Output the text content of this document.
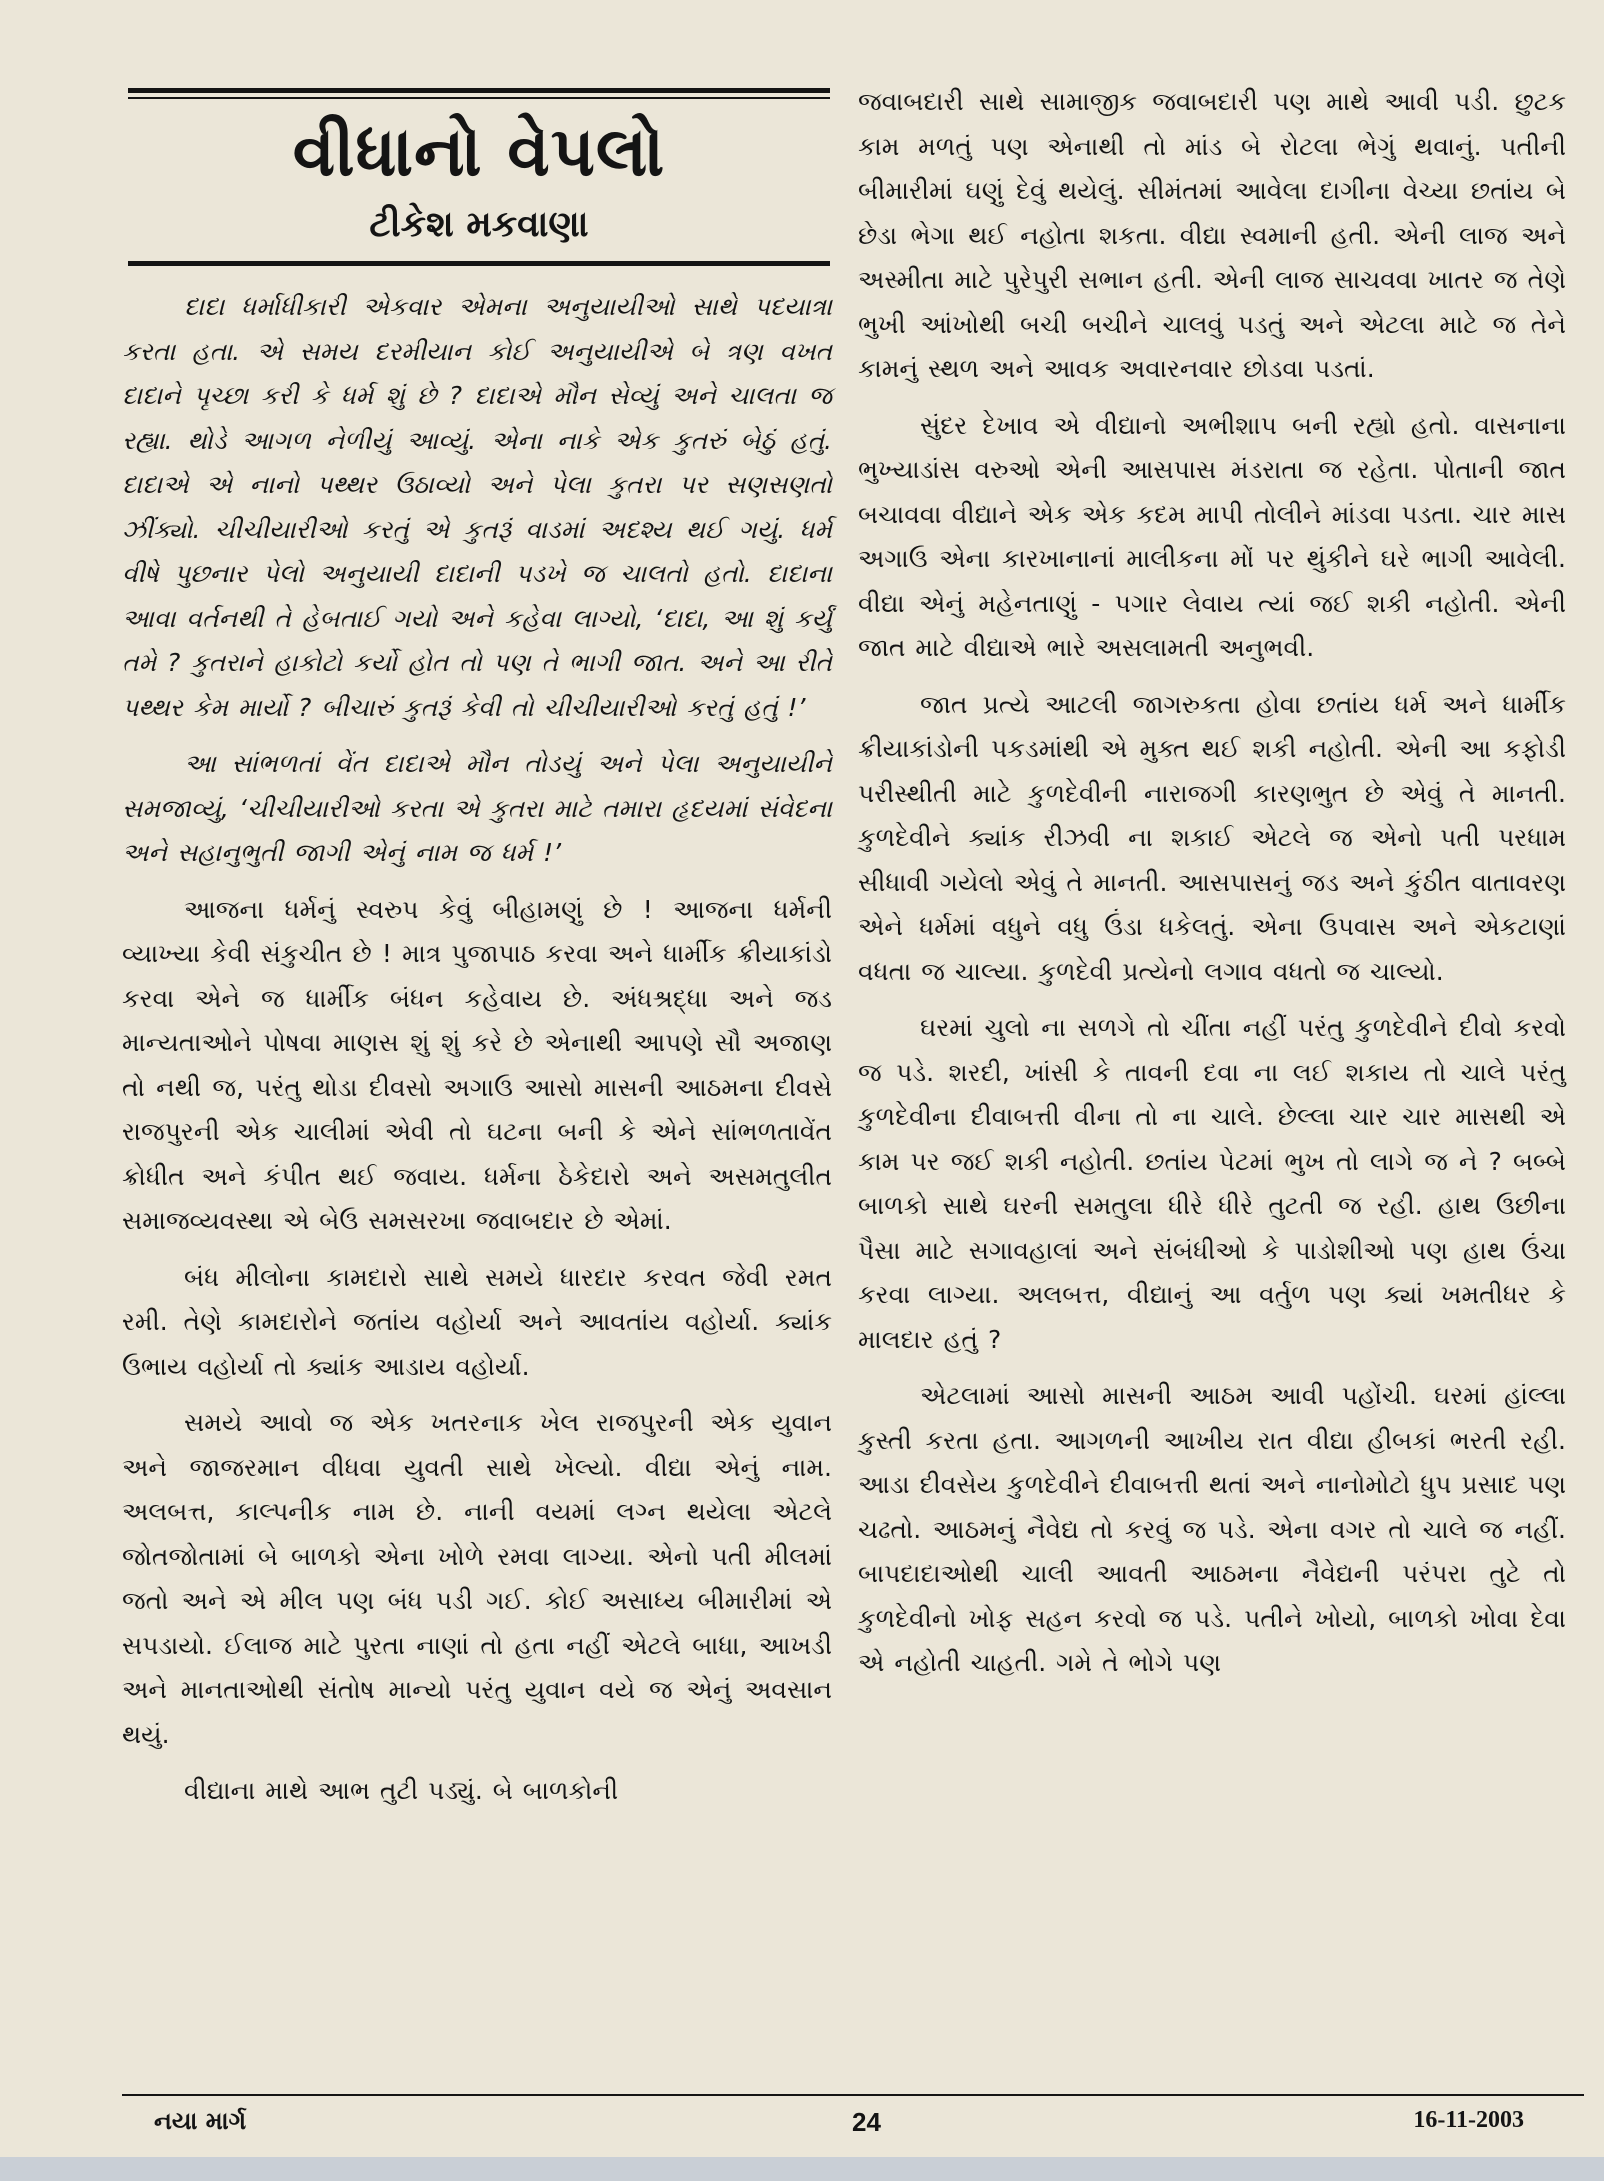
વીધાનો વેપલો
ટીકેશ મકવાણા

દાદા ધર્માધીકારી એકવાર એમના અનુયાયીઓ સાથે પદયાત્રા કરતા હતા. એ સમય દરમીયાન કોઈ અનુયાયીએ બે ત્રણ વખત દાદાને પૃચ્છા કરી કે ધર્મ શું છે ? દાદાએ મૌન સેવ્યું અને ચાલતા જ રહ્યા. થોડે આગળ નેળીયું આવ્યું. એના નાકે એક કુતરું બેઠું હતું. દાદાએ એ નાનો પથ્થર ઉઠાવ્યો અને પેલા કુતરા પર સણસણતો ઝીંક્યો. ચીચીયારીઓ કરતું એ કુતરૂં વાડમાં અદશ્ય થઈ ગયું. ધર્મ વીષે પુછનાર પેલો અનુયાયી દાદાની પડખે જ ચાલતો હતો. દાદાના આવા વર્તનથી તે હેબતાઈ ગયો અને કહેવા લાગ્યો, ‘દાદા, આ શું કર્યું તમે ? કુતરાને હાકોટો કર્યો હોત તો પણ તે ભાગી જાત. અને આ રીતે પથ્થર કેમ માર્યો ? બીચારું કુતરૂં કેવી તો ચીચીયારીઓ કરતું હતું !’

આ સાંભળતાં વેંત દાદાએ મૌન તોડયું અને પેલા અનુયાયીને સમજાવ્યું, ‘ચીચીયારીઓ કરતા એ કુતરા માટે તમારા હૃદયમાં સંવેદના અને સહાનુભુતી જાગી એનું નામ જ ધર્મ !’

આજના ધર્મનું સ્વરુપ કેવું બીહામણું છે ! આજના ધર્મની વ્યાખ્યા કેવી સંકુચીત છે ! માત્ર પુજાપાઠ કરવા અને ધાર્મીક ક્રીયાકાંડો કરવા એને જ ધાર્મીક બંધન કહેવાય છે. અંધશ્રદ્ધા અને જડ માન્યતાઓને પોષવા માણસ શું શું કરે છે એનાથી આપણે સૌ અજાણ તો નથી જ, પરંતુ થોડા દીવસો અગાઉ આસો માસની આઠમના દીવસે રાજપુરની એક ચાલીમાં એવી તો ઘટના બની કે એને સાંભળતાવેંત ક્રોધીત અને કંપીત થઈ જવાય. ધર્મના ઠેકેદારો અને અસમતુલીત સમાજવ્યવસ્થા એ બેઉ સમસરખા જવાબદાર છે એમાં.

બંધ મીલોના કામદારો સાથે સમયે ધારદાર કરવત જેવી રમત રમી. તેણે કામદારોને જતાંય વહોર્યા અને આવતાંય વહોર્યા. ક્યાંક ઉભાય વહોર્યા તો ક્યાંક આડાય વહોર્યા.

સમયે આવો જ એક ખતરનાક ખેલ રાજપુરની એક યુવાન અને જાજરમાન વીધવા યુવતી સાથે ખેલ્યો. વીદ્યા એનું નામ. અલબત્ત, કાલ્પનીક નામ છે. નાની વયમાં લગ્ન થયેલા એટલે જોતજોતામાં બે બાળકો એના ખોળે રમવા લાગ્યા. એનો પતી મીલમાં જતો અને એ મીલ પણ બંધ પડી ગઈ. કોઈ અસાધ્ય બીમારીમાં એ સપડાયો. ઈલાજ માટે પુરતા નાણાં તો હતા નહીં એટલે બાધા, આખડી અને માનતાઓથી સંતોષ માન્યો પરંતુ યુવાન વયે જ એનું અવસાન થયું.

વીદ્યાના માથે આભ તુટી પડ્યું. બે બાળકોની

જવાબદારી સાથે સામાજીક જવાબદારી પણ માથે આવી પડી. છુટક કામ મળતું પણ એનાથી તો માંડ બે રોટલા ભેગું થવાનું. પતીની બીમારીમાં ઘણું દેવું થયેલું. સીમંતમાં આવેલા દાગીના વેચ્યા છતાંય બે છેડા ભેગા થઈ નહોતા શકતા. વીદ્યા સ્વમાની હતી. એની લાજ અને અસ્મીતા માટે પુરેપુરી સભાન હતી. એની લાજ સાચવવા ખાતર જ તેણે ભુખી આંખોથી બચી બચીને ચાલવું પડતું અને એટલા માટે જ તેને કામનું સ્થળ અને આવક અવારનવાર છોડવા પડતાં.

સુંદર દેખાવ એ વીદ્યાનો અભીશાપ બની રહ્યો હતો. વાસનાના ભુખ્યાડાંસ વરુઓ એની આસપાસ મંડરાતા જ રહેતા. પોતાની જાત બચાવવા વીદ્યાને એક એક કદમ માપી તોલીને માંડવા પડતા. ચાર માસ અગાઉ એના કારખાનાનાં માલીકના મોં પર થુંકીને ઘરે ભાગી આવેલી. વીદ્યા એનું મહેનતાણું - પગાર લેવાય ત્યાં જઈ શકી નહોતી. એની જાત માટે વીદ્યાએ ભારે અસલામતી અનુભવી.

જાત પ્રત્યે આટલી જાગરુકતા હોવા છતાંય ધર્મ અને ધાર્મીક ક્રીયાકાંડોની પકડમાંથી એ મુક્ત થઈ શકી નહોતી. એની આ કફોડી પરીસ્થીતી માટે કુળદેવીની નારાજગી કારણભુત છે એવું તે માનતી. કુળદેવીને ક્યાંક રીઝવી ના શકાઈ એટલે જ એનો પતી પરધામ સીધાવી ગયેલો એવું તે માનતી. આસપાસનું જડ અને કુંઠીત વાતાવરણ એને ધર્મમાં વધુને વધુ ઉંડા ધકેલતું. એના ઉપવાસ અને એકટાણાં વધતા જ ચાલ્યા. કુળદેવી પ્રત્યેનો લગાવ વધતો જ ચાલ્યો.

ઘરમાં ચુલો ના સળગે તો ચીંતા નહીં પરંતુ કુળદેવીને દીવો કરવો જ પડે. શરદી, ખાંસી કે તાવની દવા ના લઈ શકાય તો ચાલે પરંતુ કુળદેવીના દીવાબત્તી વીના તો ના ચાલે. છેલ્લા ચાર ચાર માસથી એ કામ પર જઈ શકી નહોતી. છતાંય પેટમાં ભુખ તો લાગે જ ને ? બબ્બે બાળકો સાથે ઘરની સમતુલા ધીરે ધીરે તુટતી જ રહી. હાથ ઉછીના પૈસા માટે સગાવહાલાં અને સંબંધીઓ કે પાડોશીઓ પણ હાથ ઉંચા કરવા લાગ્યા. અલબત્ત, વીદ્યાનું આ વર્તુળ પણ ક્યાં ખમતીધર કે માલદાર હતું ?

એટલામાં આસો માસની આઠમ આવી પહોંચી. ઘરમાં હાંલ્લા કુસ્તી કરતા હતા. આગળની આખીય રાત વીદ્યા હીબકાં ભરતી રહી. આડા દીવસેય કુળદેવીને દીવાબત્તી થતાં અને નાનોમોટો ધુપ પ્રસાદ પણ ચઢતો. આઠમનું નૈવેદ્ય તો કરવું જ પડે. એના વગર તો ચાલે જ નહીં. બાપદાદાઓથી ચાલી આવતી આઠમના નૈવેદ્યની પરંપરા તુટે તો કુળદેવીનો ખોફ સહન કરવો જ પડે. પતીને ખોયો, બાળકો ખોવા દેવા એ નહોતી ચાહતી. ગમે તે ભોગે પણ

નયા માર્ગ	24	16-11-2003
